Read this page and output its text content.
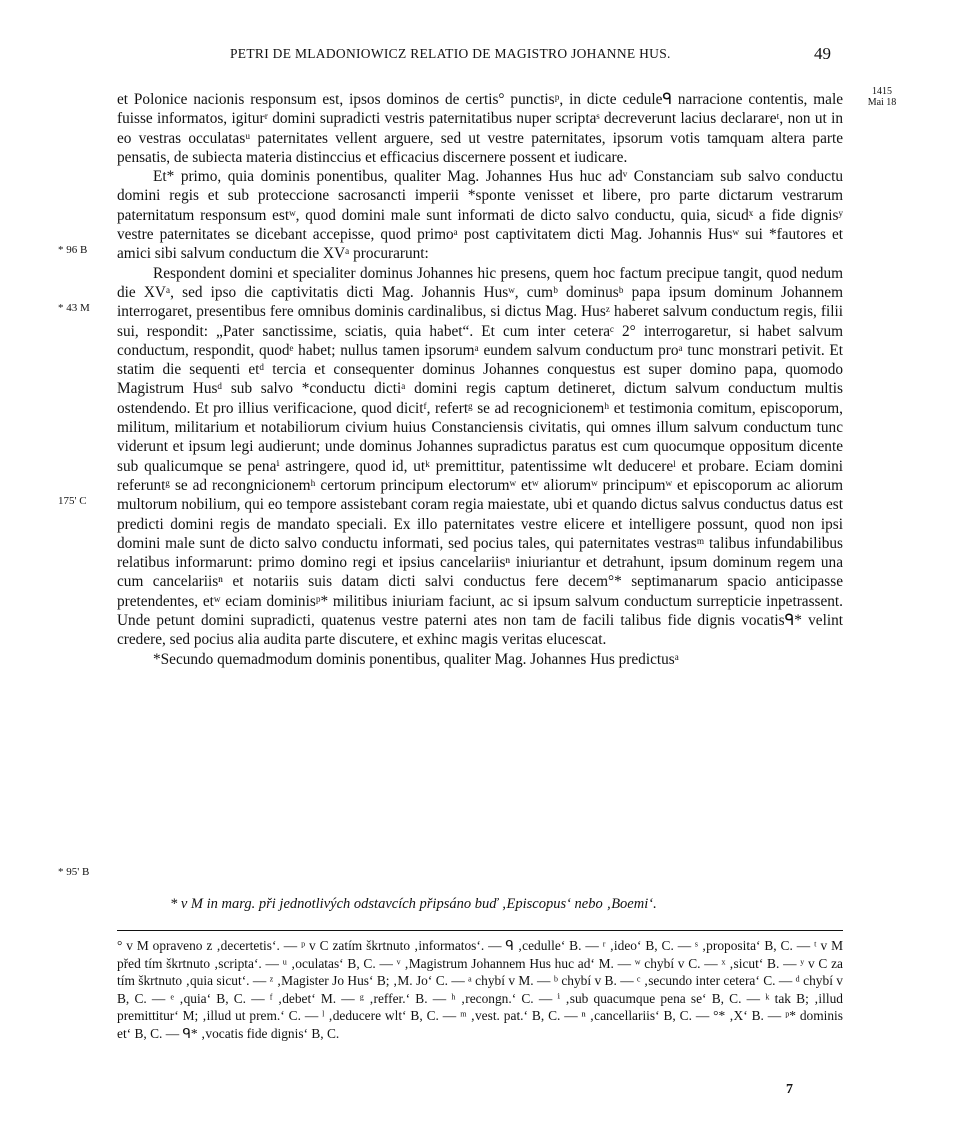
PETRI DE MLADONIOWICZ RELATIO DE MAGISTRO JOHANNE HUS.	49
1415
Mai 18
* 96 B
* 43 M
175' C
* 95' B

et Polonice nacionis responsum est, ipsos dominos de certis° punctisᵖ, in dicte ceduleᑫ narracione contentis, male fuisse informatos, igiturʳ domini supradicti vestris paternitatibus nuper scriptaˢ decreverunt lacius declarareᵗ, non ut in eo vestras occulatasᵘ paternitates vellent arguere, sed ut vestre paternitates, ipsorum votis tamquam altera parte pensatis, de subiecta materia distinccius et efficacius discernere possent et iudicare.

Et* primo, quia dominis ponentibus, qualiter Mag. Johannes Hus huc adᵛ Constanciam sub salvo conductu domini regis et sub proteccione sacrosancti imperii *sponte venisset et libere, pro parte dictarum vestrarum paternitatum responsum estʷ, quod domini male sunt informati de dicto salvo conductu, quia, sicudˣ a fide dignisʸ vestre paternitates se dicebant accepisse, quod primoᵃ post captivitatem dicti Mag. Johannis Husʷ sui *fautores et amici sibi salvum conductum die XVᵃ procurarunt:

Respondent domini et specialiter dominus Johannes hic presens, quem hoc factum precipue tangit, quod nedum die XVᵃ, sed ipso die captivitatis dicti Mag. Johannis Husʷ, cumᵇ dominusᵇ papa ipsum dominum Johannem interrogaret, presentibus fere omnibus dominis cardinalibus, si dictus Mag. Husᶻ haberet salvum conductum regis, filii sui, respondit: „Pater sanctissime, sciatis, quia habet“. Et cum inter ceteraᶜ 2° interrogaretur, si habet salvum conductum, respondit, quodᵉ habet; nullus tamen ipsorumᵃ eundem salvum conductum proᵃ tunc monstrari petivit. Et statim die sequenti etᵈ tercia et consequenter dominus Johannes conquestus est super domino papa, quomodo Magistrum Husᵈ sub salvo *conductu dictiᵃ domini regis captum detineret, dictum salvum conductum multis ostendendo. Et pro illius verificacione, quod dicitᶠ, refertᵍ se ad recognicionemʰ et testimonia comitum, episcoporum, militum, militarium et notabiliorum civium huius Constanciensis civitatis, qui omnes illum salvum conductum tunc viderunt et ipsum legi audierunt; unde dominus Johannes supradictus paratus est cum quocumque oppositum dicente sub qualicumque se penaⁱ astringere, quod id, utᵏ premittitur, patentissime wlt deducereˡ et probare. Eciam domini referuntᵍ se ad recongnicionemʰ certorum principum electorumʷ etʷ aliorumʷ principumʷ et episcoporum ac aliorum multorum nobilium, qui eo tempore assistebant coram regia maiestate, ubi et quando dictus salvus conductus datus est predicti domini regis de mandato speciali. Ex illo paternitates vestre elicere et intelligere possunt, quod non ipsi domini male sunt de dicto salvo conductu informati, sed pocius tales, qui paternitates vestrasᵐ talibus infundabilibus relatibus informarunt: primo domino regi et ipsius cancelariisⁿ iniuriantur et detrahunt, ipsum dominum regem una cum cancelariisⁿ et notariis suis datam dicti salvi conductus fere decem°* septimanarum spacio anticipasse pretendentes, etʷ eciam dominisᵖ* militibus iniuriam faciunt, ac si ipsum salvum conductum surrepticie inpetrassent. Unde petunt domini supradicti, quatenus vestre paterni ates non tam de facili talibus fide dignis vocatisᑫ* velint credere, sed pocius alia audita parte discutere, et exhinc magis veritas elucescat.

*Secundo quemadmodum dominis ponentibus, qualiter Mag. Johannes Hus predictusᵃ

* v M in marg. při jednotlivých odstavcích připsáno buď ‚Episcopus‘ nebo ‚Boemi‘.
° v M opraveno z ‚decertetis‘. — ᵖ v C zatím škrtnuto ‚informatos‘. — ᑫ ‚cedulle‘ B. — ʳ ‚ideo‘ B, C. — ˢ ‚proposita‘ B, C. — ᵗ v M před tím škrtnuto ‚scripta‘. — ᵘ ‚oculatas‘ B, C. — ᵛ ‚Magistrum Johannem Hus huc ad‘ M. — ʷ chybí v C. — ˣ ‚sicut‘ B. — ʸ v C za tím škrtnuto ‚quia sicut‘. — ᶻ ‚Magister Jo Hus‘ B; ‚M. Jo‘ C. — ᵃ chybí v M. — ᵇ chybí v B. — ᶜ ‚secundo inter cetera‘ C. — ᵈ chybí v B, C. — ᵉ ‚quia‘ B, C. — ᶠ ‚debet‘ M. — ᵍ ‚reffer.‘ B. — ʰ ‚recongn.‘ C. — ⁱ ‚sub quacumque pena se‘ B, C. — ᵏ tak B; ‚illud premittitur‘ M; ‚illud ut prem.‘ C. — ˡ ‚deducere wlt‘ B, C. — ᵐ ‚vest. pat.‘ B, C. — ⁿ ‚cancellariis‘ B, C. — °* ‚X‘ B. — ᵖ* dominis et‘ B, C. — ᑫ* ‚vocatis fide dignis‘ B, C.
7
